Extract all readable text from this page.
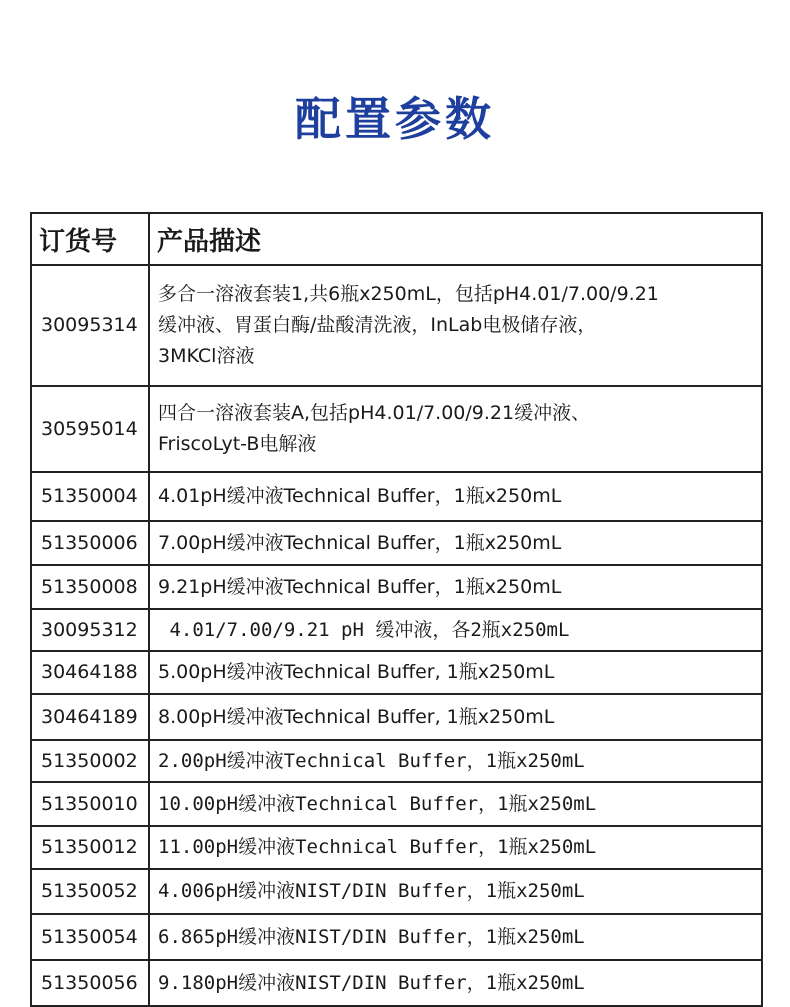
配置参数
订货号	产品描述
30095314	多合一溶液套装1,共6瓶x250mL，包括pH4.01/7.00/9.21
缓冲液、胃蛋白酶/盐酸清洗液，InLab电极储存液，
3MKCl溶液
30595014	四合一溶液套装A,包括pH4.01/7.00/9.21缓冲液、
FriscoLyt-B电解液
51350004	4.01pH缓冲液Technical Buffer，1瓶x250mL
51350006	7.00pH缓冲液Technical Buffer，1瓶x250mL
51350008	9.21pH缓冲液Technical Buffer，1瓶x250mL
30095312	4.01/7.00/9.21 pH 缓冲液，各2瓶x250mL
30464188	5.00pH缓冲液Technical Buffer, 1瓶x250mL
30464189	8.00pH缓冲液Technical Buffer, 1瓶x250mL
51350002	2.00pH缓冲液Technical Buffer，1瓶x250mL
51350010	10.00pH缓冲液Technical Buffer，1瓶x250mL
51350012	11.00pH缓冲液Technical Buffer，1瓶x250mL
51350052	4.006pH缓冲液NIST/DIN Buffer，1瓶x250mL
51350054	6.865pH缓冲液NIST/DIN Buffer，1瓶x250mL
51350056	9.180pH缓冲液NIST/DIN Buffer，1瓶x250mL
